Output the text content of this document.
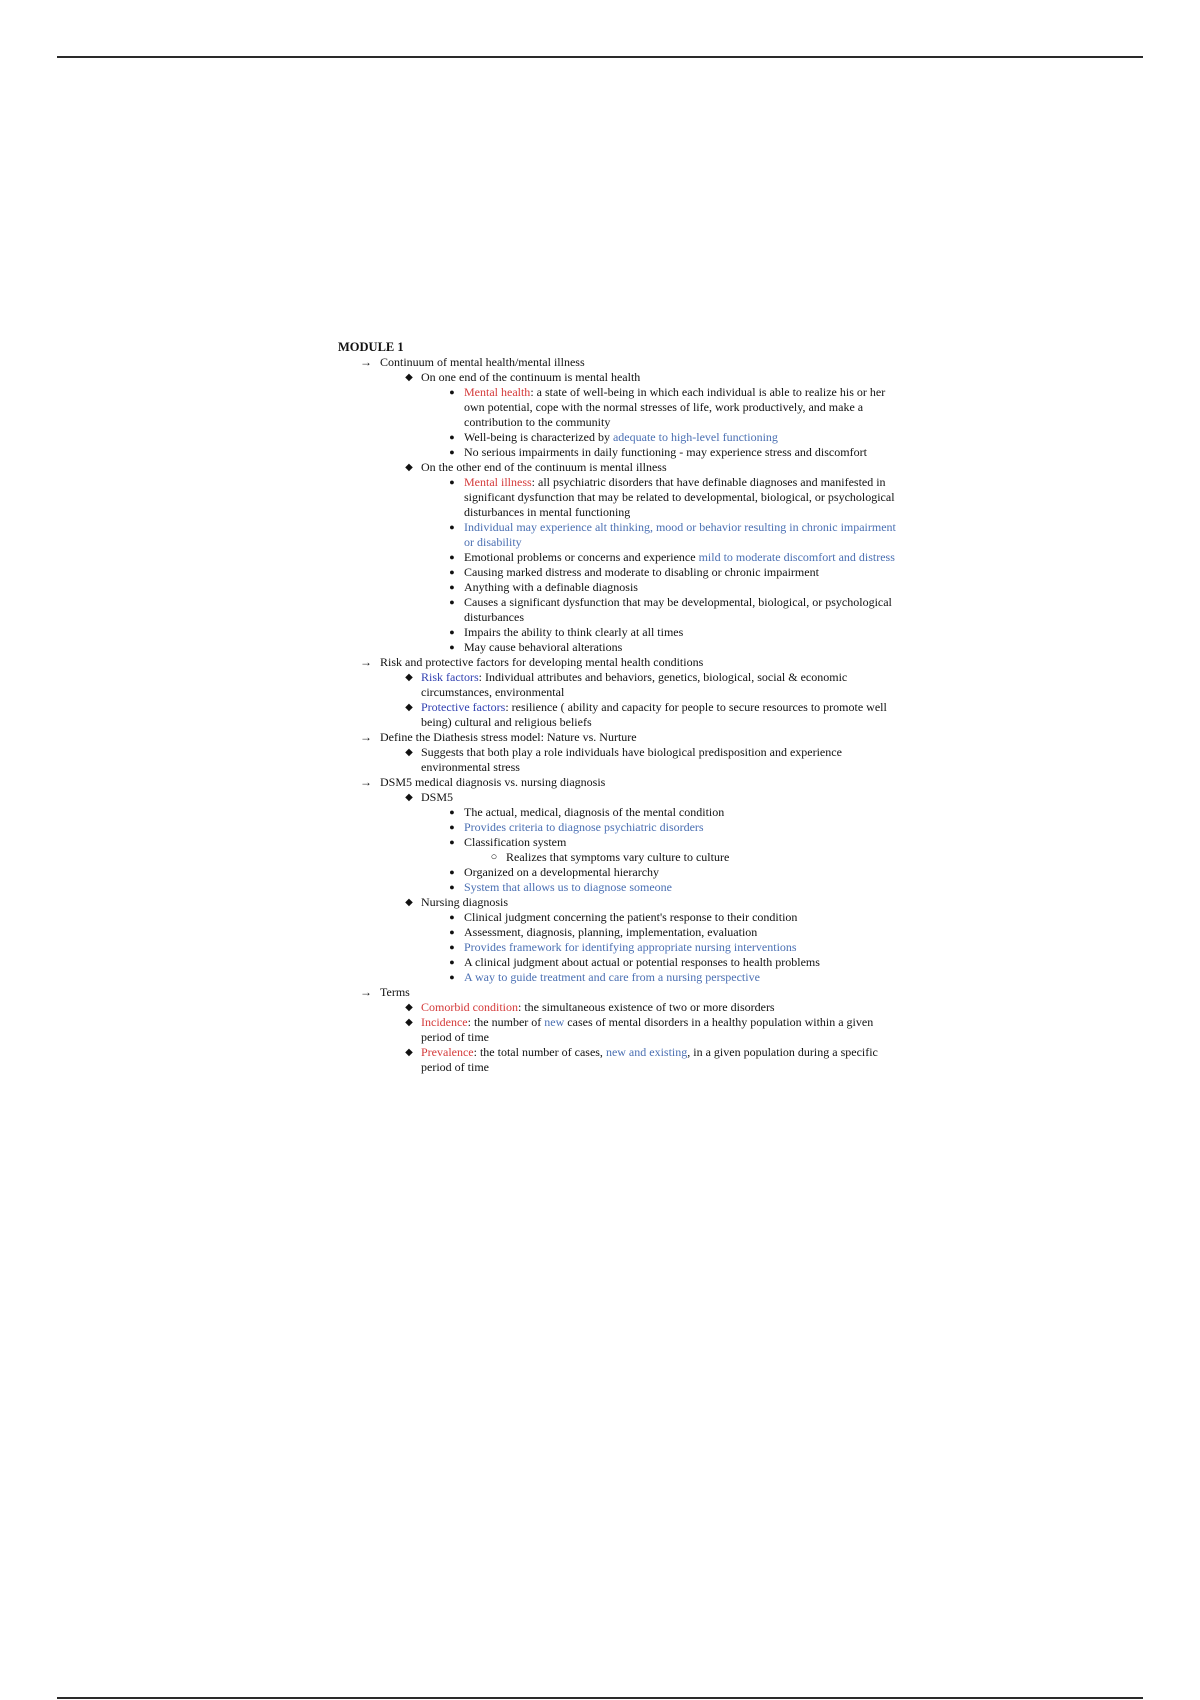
MODULE 1
→ Continuum of mental health/mental illness
◆ On one end of the continuum is mental health
● Mental health: a state of well-being in which each individual is able to realize his or her own potential, cope with the normal stresses of life, work productively, and make a contribution to the community
● Well-being is characterized by adequate to high-level functioning
● No serious impairments in daily functioning - may experience stress and discomfort
◆ On the other end of the continuum is mental illness
● Mental illness: all psychiatric disorders that have definable diagnoses and manifested in significant dysfunction that may be related to developmental, biological, or psychological disturbances in mental functioning
● Individual may experience alt thinking, mood or behavior resulting in chronic impairment or disability
● Emotional problems or concerns and experience mild to moderate discomfort and distress
● Causing marked distress and moderate to disabling or chronic impairment
● Anything with a definable diagnosis
● Causes a significant dysfunction that may be developmental, biological, or psychological disturbances
● Impairs the ability to think clearly at all times
● May cause behavioral alterations
→ Risk and protective factors for developing mental health conditions
◆ Risk factors: Individual attributes and behaviors, genetics, biological, social & economic circumstances, environmental
◆ Protective factors: resilience ( ability and capacity for people to secure resources to promote well being) cultural and religious beliefs
→ Define the Diathesis stress model: Nature vs. Nurture
◆ Suggests that both play a role individuals have biological predisposition and experience environmental stress
→ DSM5 medical diagnosis vs. nursing diagnosis
◆ DSM5
● The actual, medical, diagnosis of the mental condition
● Provides criteria to diagnose psychiatric disorders
● Classification system
○ Realizes that symptoms vary culture to culture
● Organized on a developmental hierarchy
● System that allows us to diagnose someone
◆ Nursing diagnosis
● Clinical judgment concerning the patient's response to their condition
● Assessment, diagnosis, planning, implementation, evaluation
● Provides framework for identifying appropriate nursing interventions
● A clinical judgment about actual or potential responses to health problems
● A way to guide treatment and care from a nursing perspective
→ Terms
◆ Comorbid condition: the simultaneous existence of two or more disorders
◆ Incidence: the number of new cases of mental disorders in a healthy population within a given period of time
◆ Prevalence: the total number of cases, new and existing, in a given population during a specific period of time
